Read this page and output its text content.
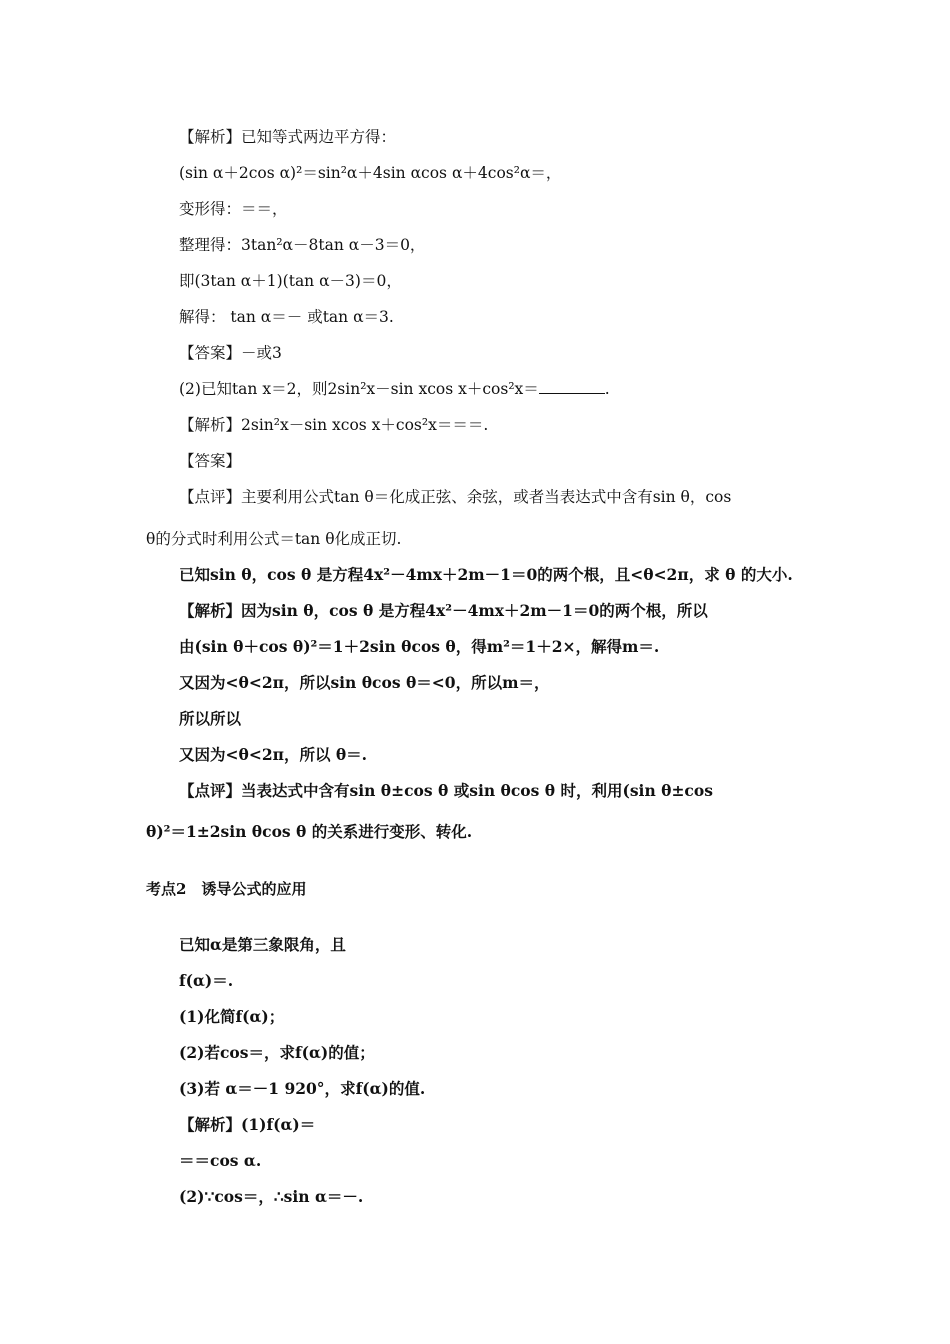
【解析】已知等式两边平方得：
(sin α＋2cos α)²＝sin²α＋4sin αcos α＋4cos²α＝，
变形得：＝＝，
整理得：3tan²α－8tan α－3＝0，
即(3tan α＋1)(tan α－3)＝0，
解得： tan α＝－ 或tan α＝3.
【答案】－或3
(2)已知tan x＝2，则2sin²x－sin xcos x＋cos²x＝	.
【解析】2sin²x－sin xcos x＋cos²x＝＝＝.
【答案】
【点评】主要利用公式tan θ＝化成正弦、余弦，或者当表达式中含有sin θ，cos
θ的分式时利用公式＝tan θ化成正切.
已知sin θ，cos θ 是方程4x²－4mx＋2m－1＝0的两个根，且<θ<2π，求 θ 的大小.
【解析】因为sin θ，cos θ 是方程4x²－4mx＋2m－1＝0的两个根，所以
由(sin θ＋cos θ)²＝1＋2sin θcos θ，得m²＝1＋2×，解得m＝.
又因为<θ<2π，所以sin θcos θ＝<0，所以m＝，
所以所以
又因为<θ<2π，所以 θ＝.
【点评】当表达式中含有sin θ±cos θ 或sin θcos θ 时，利用(sin θ±cos
θ)²＝1±2sin θcos θ 的关系进行变形、转化.
已知α是第三象限角，且
f(α)＝.
(1)化简f(α)；
(2)若cos＝，求f(α)的值；
(3)若 α＝－1 920°，求f(α)的值.
【解析】(1)f(α)＝
＝＝cos α.
(2)∵cos＝，∴sin α＝－.
考点2　诱导公式的应用
